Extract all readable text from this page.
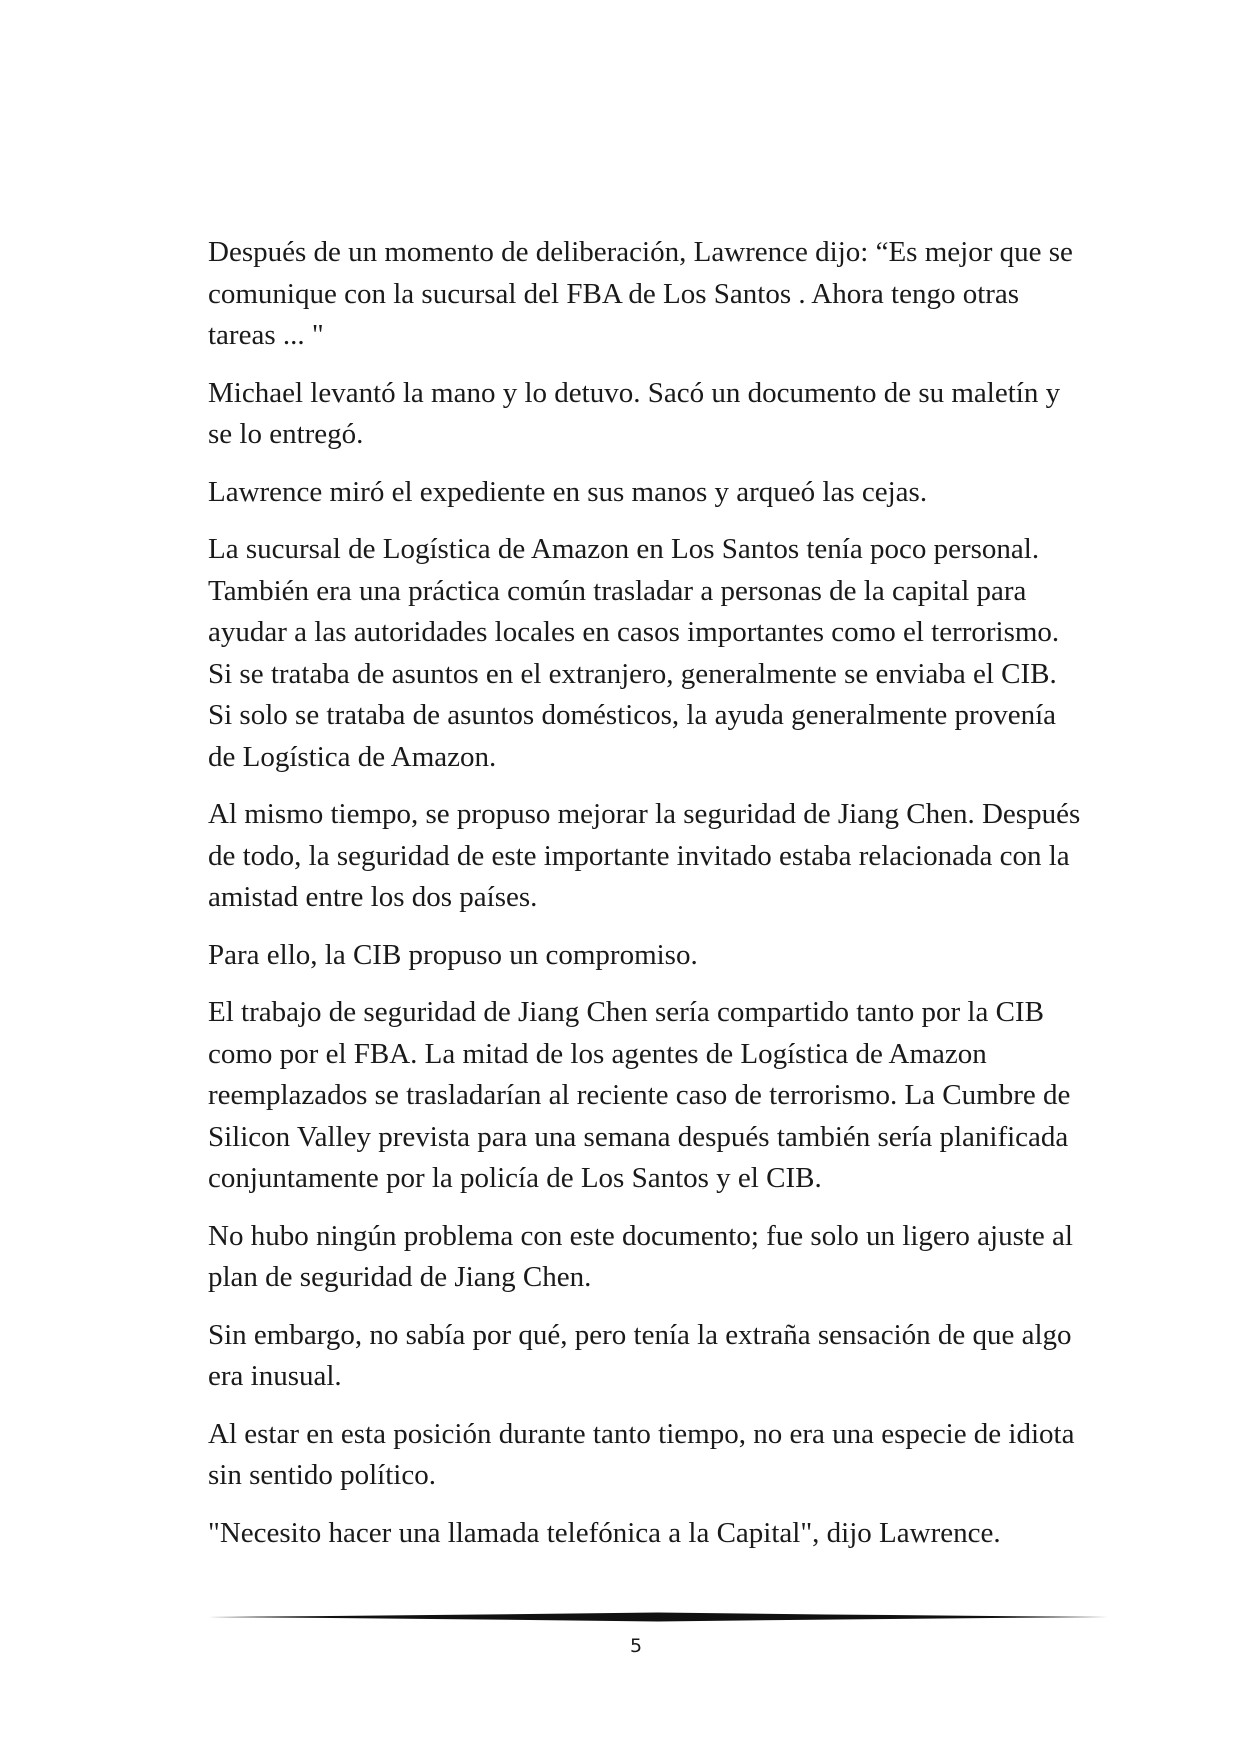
Después de un momento de deliberación, Lawrence dijo: “Es mejor que se comunique con la sucursal del FBA de Los Santos . Ahora tengo otras tareas ... "

Michael levantó la mano y lo detuvo. Sacó un documento de su maletín y se lo entregó.

Lawrence miró el expediente en sus manos y arqueó las cejas.

La sucursal de Logística de Amazon en Los Santos tenía poco personal. También era una práctica común trasladar a personas de la capital para ayudar a las autoridades locales en casos importantes como el terrorismo. Si se trataba de asuntos en el extranjero, generalmente se enviaba el CIB. Si solo se trataba de asuntos domésticos, la ayuda generalmente provenía de Logística de Amazon.

Al mismo tiempo, se propuso mejorar la seguridad de Jiang Chen. Después de todo, la seguridad de este importante invitado estaba relacionada con la amistad entre los dos países.

Para ello, la CIB propuso un compromiso.

El trabajo de seguridad de Jiang Chen sería compartido tanto por la CIB como por el FBA. La mitad de los agentes de Logística de Amazon reemplazados se trasladarían al reciente caso de terrorismo. La Cumbre de Silicon Valley prevista para una semana después también sería planificada conjuntamente por la policía de Los Santos y el CIB.

No hubo ningún problema con este documento; fue solo un ligero ajuste al plan de seguridad de Jiang Chen.

Sin embargo, no sabía por qué, pero tenía la extraña sensación de que algo era inusual.

Al estar en esta posición durante tanto tiempo, no era una especie de idiota sin sentido político.

"Necesito hacer una llamada telefónica a la Capital", dijo Lawrence.

5
